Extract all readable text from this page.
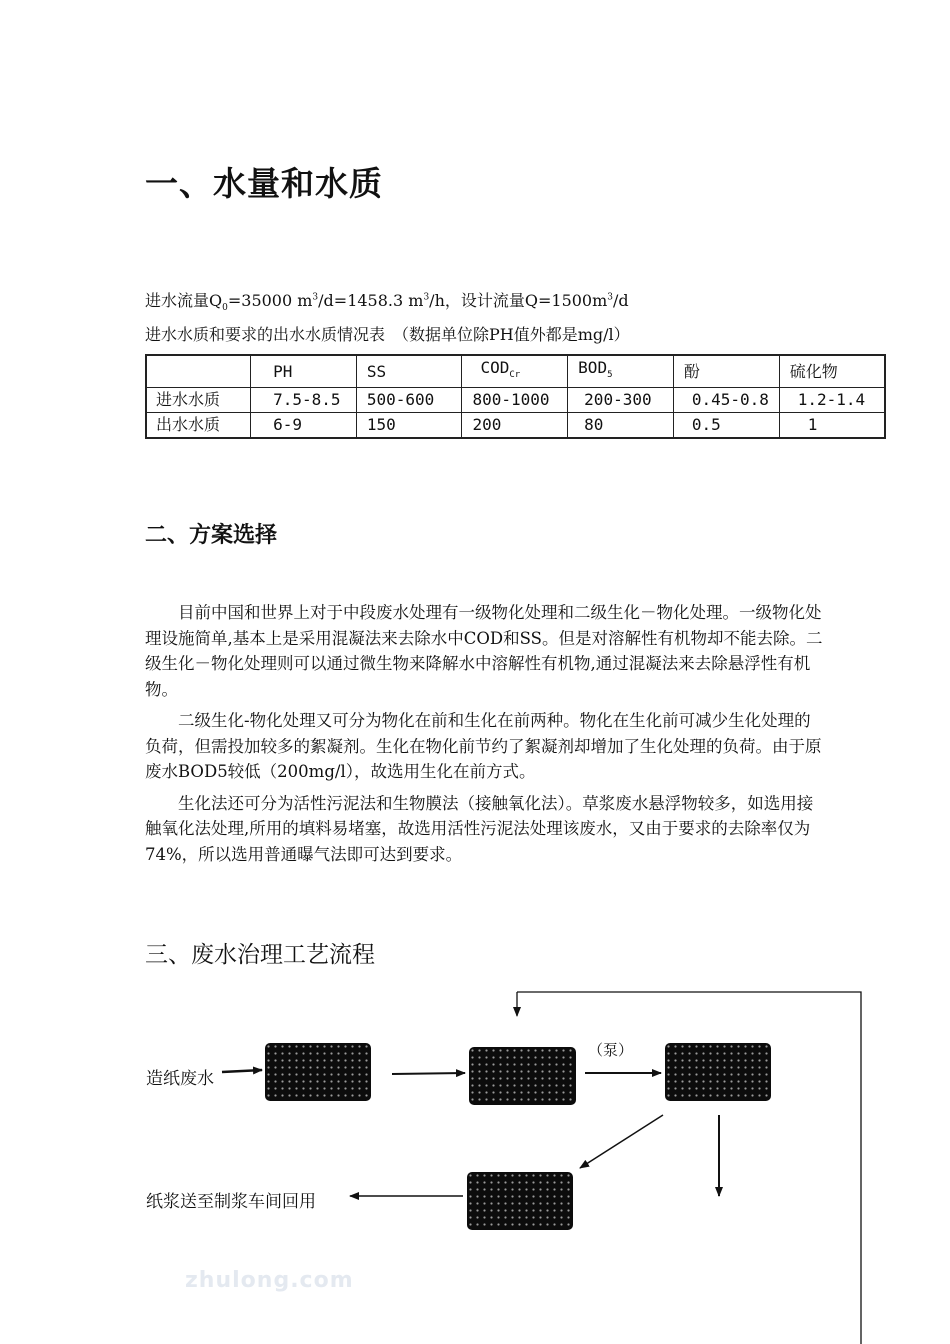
一、水量和水质
进水流量$Q_0=35000$ $m^3/d=1458.3$ $m^3/h$，设计流量$Q=1500m^3/d$
进水水质和要求的出水水质情况表　（数据单位除PH值外都是mg/l）
	PH	SS	$COD_{Cr}$	$BOD_5$	酚	硫化物
进水水质	7.5-8.5	500-600	800-1000	200-300	0.45-0.8	1.2-1.4
出水水质	6-9	150	200	80	0.5	1
二、方案选择

目前中国和世界上对于中段废水处理有一级物化处理和二级生化－物化处理。一级物化处理设施简单,基本上是采用混凝法来去除水中COD和SS。但是对溶解性有机物却不能去除。二级生化－物化处理则可以通过微生物来降解水中溶解性有机物,通过混凝法来去除悬浮性有机物。

二级生化-物化处理又可分为物化在前和生化在前两种。物化在生化前可减少生化处理的负荷，但需投加较多的絮凝剂。生化在物化前节约了絮凝剂却增加了生化处理的负荷。由于原废水BOD5较低（200mg/l），故选用生化在前方式。

生化法还可分为活性污泥法和生物膜法（接触氧化法）。草浆废水悬浮物较多，如选用接触氧化法处理,所用的填料易堵塞，故选用活性污泥法处理该废水，又由于要求的去除率仅为74%，所以选用普通曝气法即可达到要求。

三、废水治理工艺流程
造纸废水
（泵）
纸浆送至制浆车间回用
zhulong.com
